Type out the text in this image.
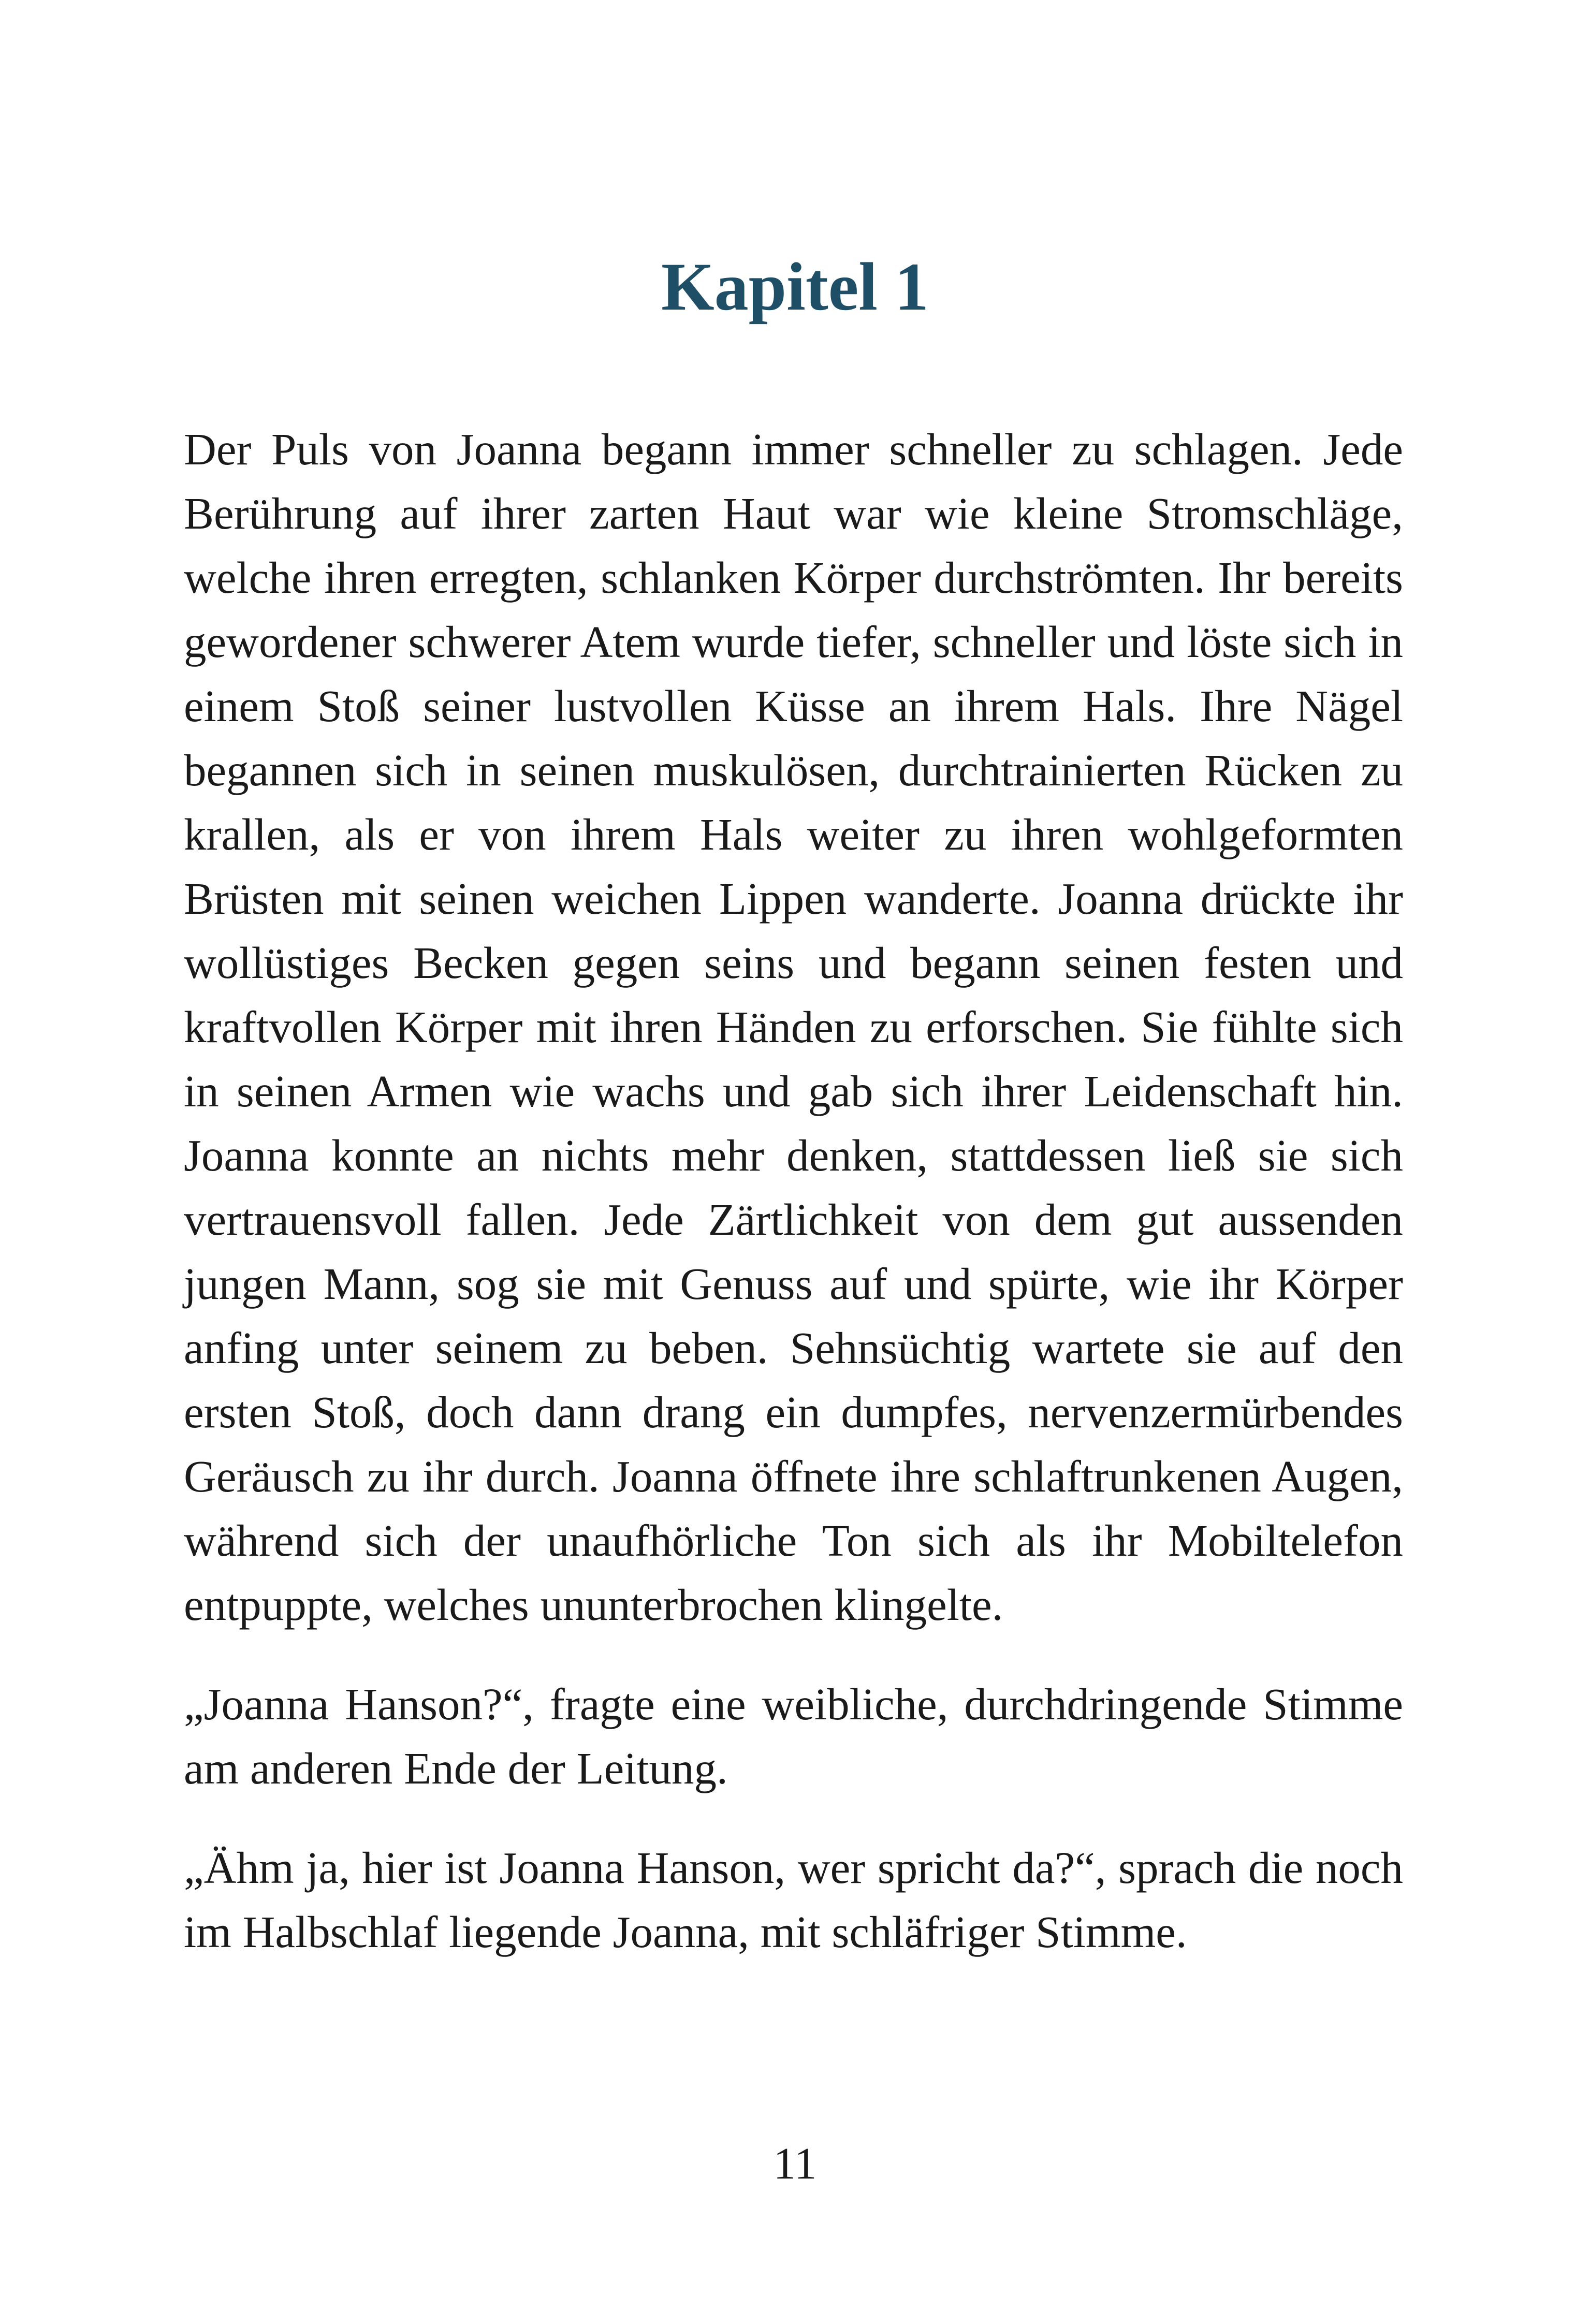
Kapitel 1

Der Puls von Joanna begann immer schneller zu schlagen. Jede Berührung auf ihrer zarten Haut war wie kleine Stromschläge, welche ihren erregten, schlanken Körper durchströmten. Ihr bereits gewordener schwerer Atem wurde tiefer, schneller und löste sich in einem Stoß seiner lustvollen Küsse an ihrem Hals. Ihre Nägel begannen sich in seinen muskulösen, durchtrainierten Rücken zu krallen, als er von ihrem Hals weiter zu ihren wohlgeformten Brüsten mit seinen weichen Lippen wanderte. Joanna drückte ihr wollüstiges Becken gegen seins und begann seinen festen und kraftvollen Körper mit ihren Händen zu erforschen. Sie fühlte sich in seinen Armen wie wachs und gab sich ihrer Leidenschaft hin. Joanna konnte an nichts mehr denken, stattdessen ließ sie sich vertrauensvoll fallen. Jede Zärtlichkeit von dem gut aussenden jungen Mann, sog sie mit Genuss auf und spürte, wie ihr Körper anfing unter seinem zu beben. Sehnsüchtig wartete sie auf den ersten Stoß, doch dann drang ein dumpfes, nervenzermürbendes Geräusch zu ihr durch. Joanna öffnete ihre schlaftrunkenen Augen, während sich der unaufhörliche Ton sich als ihr Mobiltelefon entpuppte, welches ununterbrochen klingelte.

„Joanna Hanson?“, fragte eine weibliche, durchdringende Stimme am anderen Ende der Leitung.

„Ähm ja, hier ist Joanna Hanson, wer spricht da?“, sprach die noch im Halbschlaf liegende Joanna, mit schläfriger Stimme.

11
